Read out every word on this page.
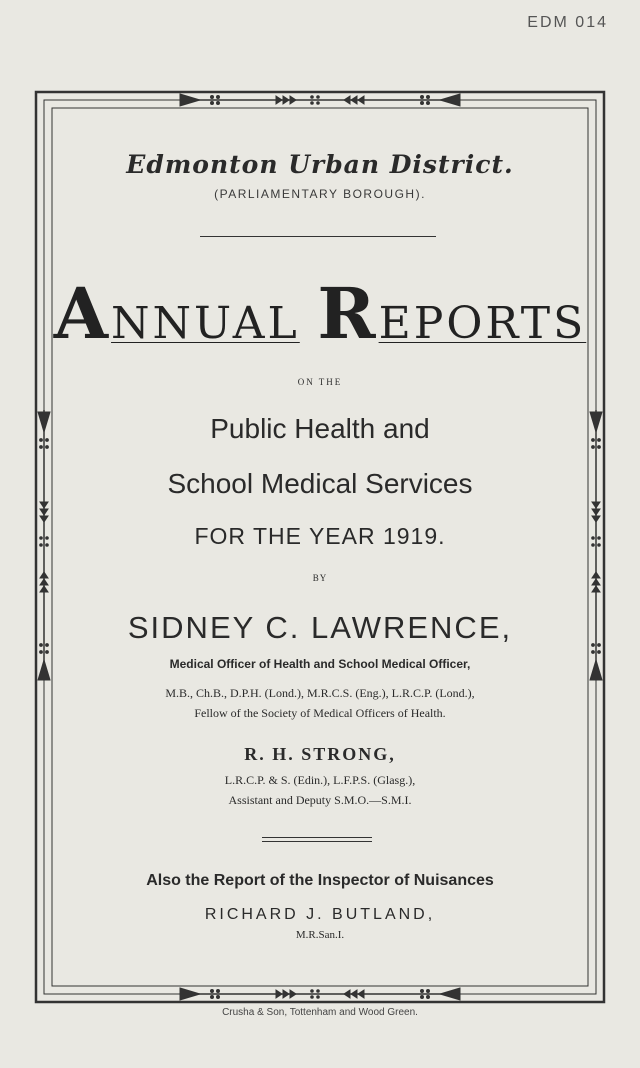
EDM 014
Edmonton Urban District.
(PARLIAMENTARY BOROUGH).
ANNUAL REPORTS
ON THE
Public Health and
School Medical Services
FOR THE YEAR 1919.
BY
SIDNEY C. LAWRENCE,
Medical Officer of Health and School Medical Officer,
M.B., Ch.B., D.P.H. (Lond.), M.R.C.S. (Eng.), L.R.C.P. (Lond.),
Fellow of the Society of Medical Officers of Health.
R. H. STRONG,
L.R.C.P. & S. (Edin.), L.F.P.S. (Glasg.),
Assistant and Deputy S.M.O.—S.M.I.
Also the Report of the Inspector of Nuisances
RICHARD J. BUTLAND,
M.R.San.I.
Crusha & Son, Tottenham and Wood Green.
